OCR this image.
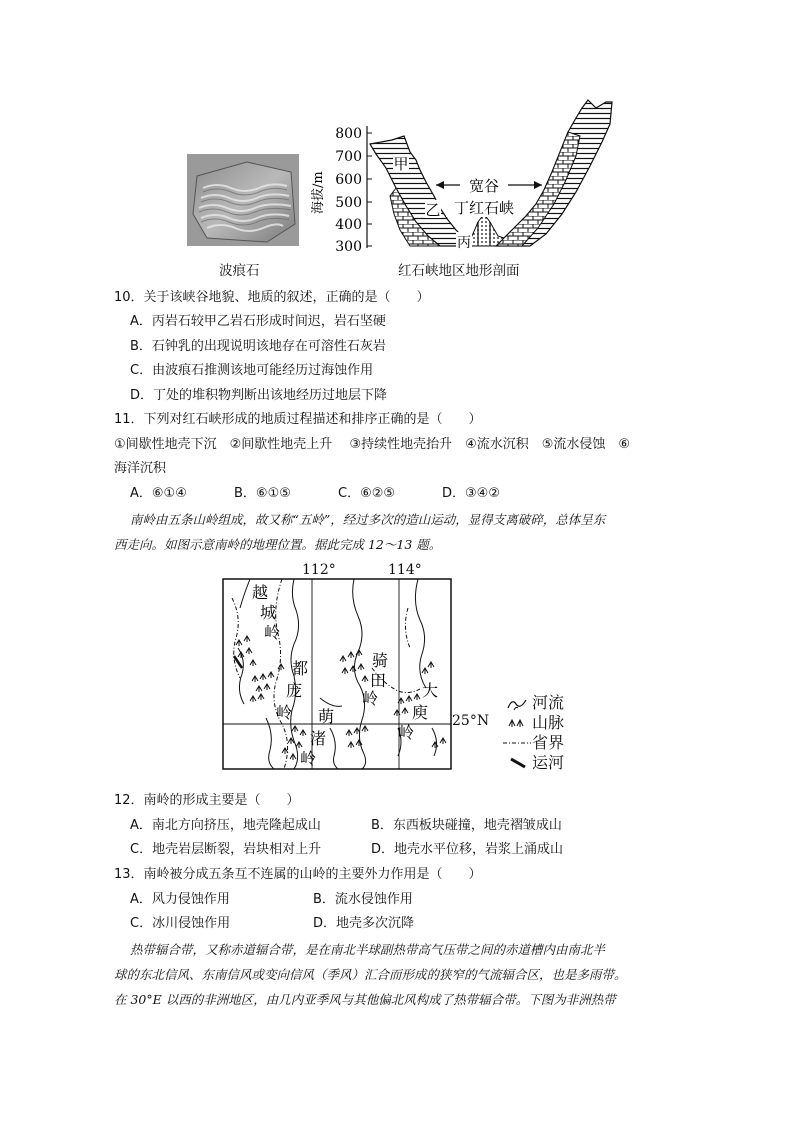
波痕石
800
700
600
500
400
300
海拔/m	宽谷
甲
乙 丁红石峡
丙
红石峡地区地形剖面
10．关于该峡谷地貌、地质的叙述，正确的是（　　）
A．丙岩石较甲乙岩石形成时间迟，岩石坚硬
B．石钟乳的出现说明该地存在可溶性石灰岩
C．由波痕石推测该地可能经历过海蚀作用
D．丁处的堆积物判断出该地经历过地层下降
11．下列对红石峡形成的地质过程描述和排序正确的是（　　）
①间歇性地壳下沉　②间歇性地壳上升　 ③持续性地壳抬升　④流水沉积　⑤流水侵蚀　⑥
海洋沉积
A．⑥①④	B．⑥①⑤	C．⑥②⑤	D．③④②
南岭由五条山岭组成，故又称“五岭”，经过多次的造山运动，显得支离破碎，总体呈东
西走向。如图示意南岭的地理位置。据此完成 12～13 题。
112°	114°
越
城
岭
都
庞
岭 萌
渚
岭
骑
田
岭	大
庾
岭
25°N
河流
山脉
省界
运河
12．南岭的形成主要是（　　）
A．南北方向挤压，地壳隆起成山	B．东西板块碰撞，地壳褶皱成山
C．地壳岩层断裂，岩块相对上升	D．地壳水平位移，岩浆上涌成山
13．南岭被分成五条互不连属的山岭的主要外力作用是（　　）
A．风力侵蚀作用	B．流水侵蚀作用
C．冰川侵蚀作用	D．地壳多次沉降
热带辐合带，又称赤道辐合带，是在南北半球副热带高气压带之间的赤道槽内由南北半
球的东北信风、东南信风或变向信风（季风）汇合而形成的狭窄的气流辐合区，也是多雨带。
在 30°E 以西的非洲地区，由几内亚季风与其他偏北风构成了热带辐合带。下图为非洲热带
